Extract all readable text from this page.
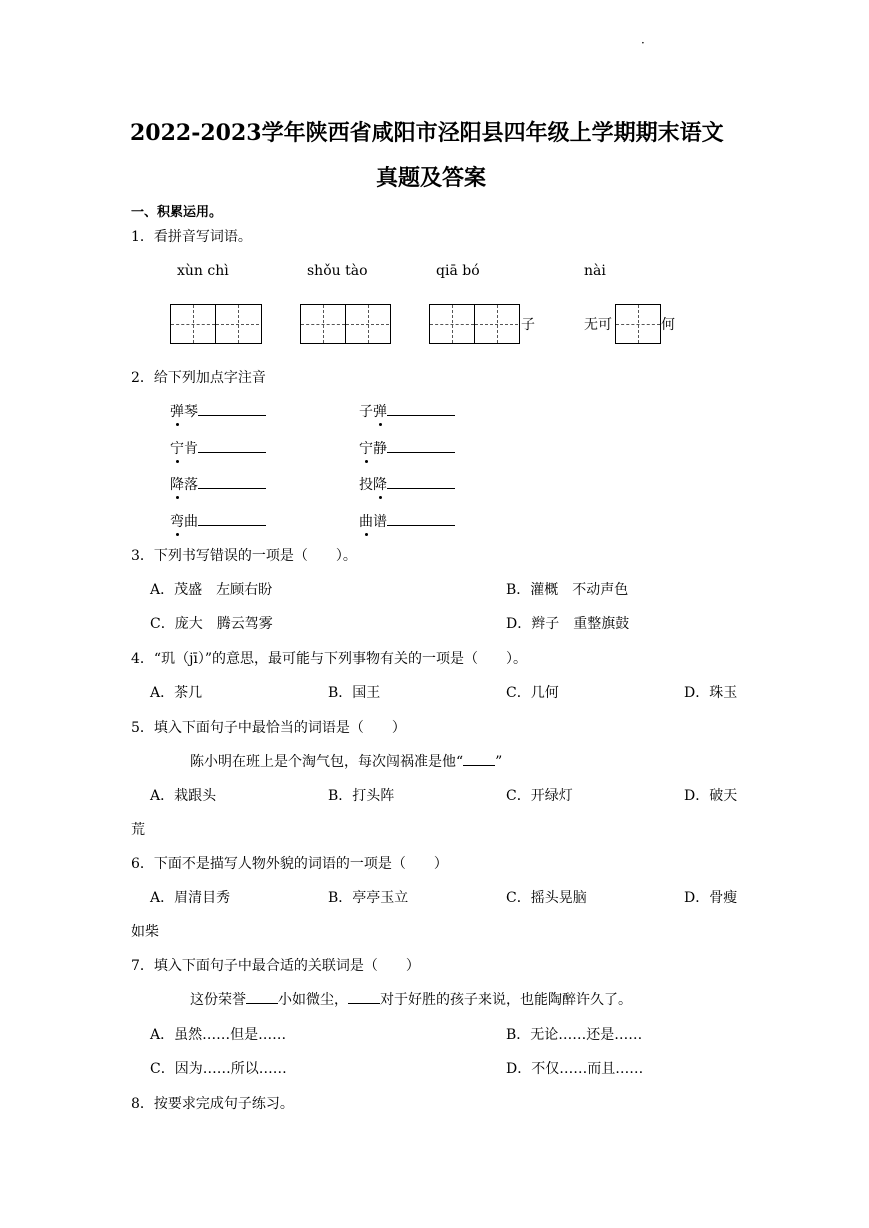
·
2022-2023学年陕西省咸阳市泾阳县四年级上学期期末语文
真题及答案
一、积累运用。
1．看拼音写词语。
xùn chì	shǒu tào	qiā bó	nài
子	无可	何
2．给下列加点字注音
弹琴	子弹
宁肯	宁静
降落	投降
弯曲	曲谱
3．下列书写错误的一项是（　　）。
A．茂盛　左顾右盼	B．灌概　不动声色
C．庞大　腾云驾雾	D．辫子　重整旗鼓
4．“玑（jī）”的意思，最可能与下列事物有关的一项是（　　）。
A．茶几	B．国王	C．几何	D．珠玉
5．填入下面句子中最恰当的词语是（　　）
陈小明在班上是个淘气包，每次闯祸准是他“ ”
A．栽跟头	B．打头阵	C．开绿灯	D．破天
荒
6．下面不是描写人物外貌的词语的一项是（　　）
A．眉清目秀	B．亭亭玉立	C．摇头晃脑	D．骨瘦
如柴
7．填入下面句子中最合适的关联词是（　　）
这份荣誉 小如微尘， 对于好胜的孩子来说，也能陶醉许久了。
A．虽然……但是……	B．无论……还是……
C．因为……所以……	D．不仅……而且……
8．按要求完成句子练习。
